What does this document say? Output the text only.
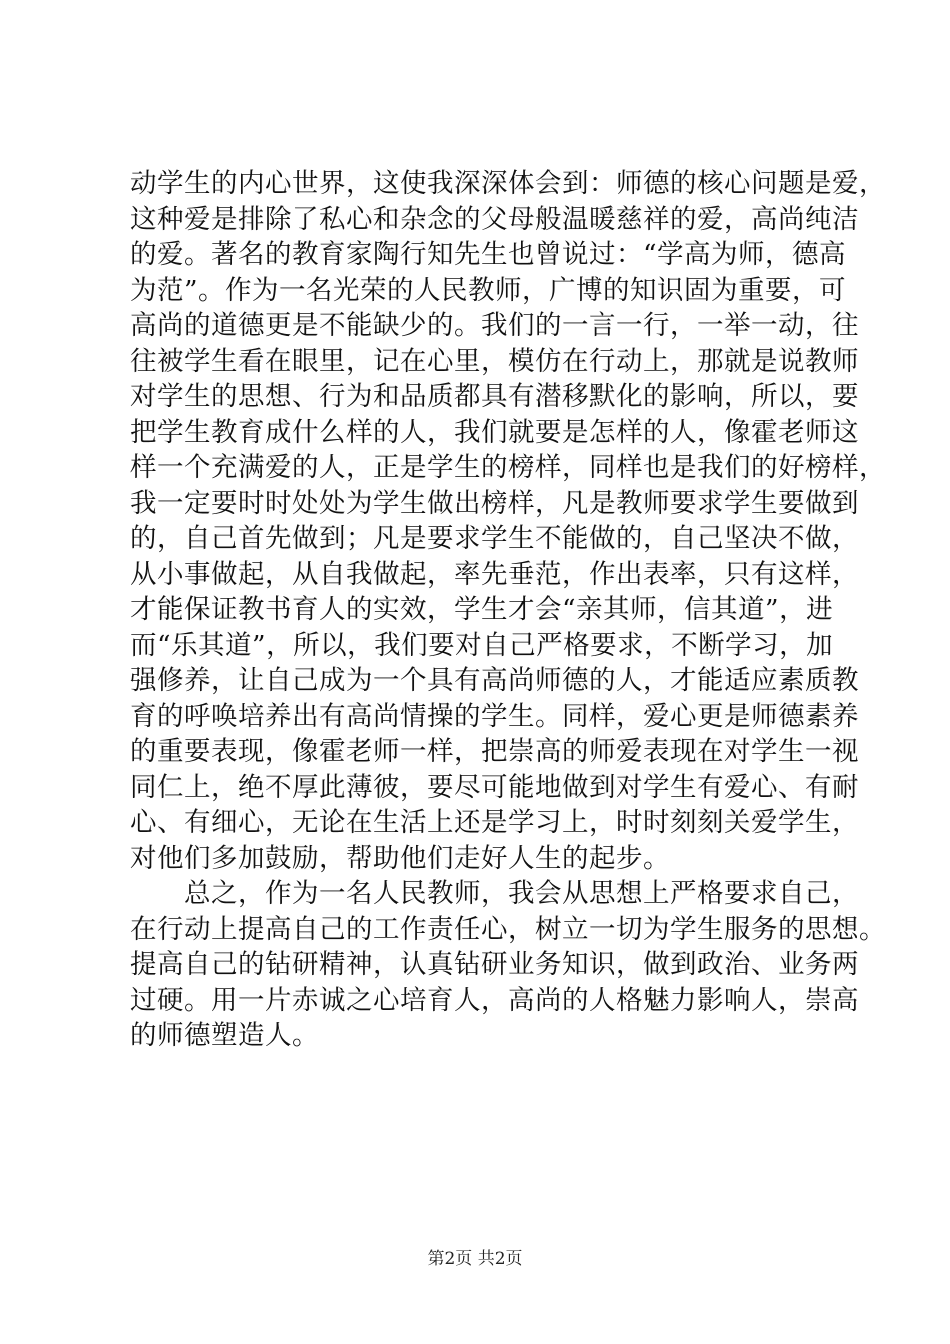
动学生的内心世界，这使我深深体会到：师德的核心问题是爱，
这种爱是排除了私心和杂念的父母般温暖慈祥的爱，高尚纯洁
的爱。著名的教育家陶行知先生也曾说过：“学高为师，德高
为范”。作为一名光荣的人民教师，广博的知识固为重要，可
高尚的道德更是不能缺少的。我们的一言一行，一举一动，往
往被学生看在眼里，记在心里，模仿在行动上，那就是说教师
对学生的思想、行为和品质都具有潜移默化的影响，所以，要
把学生教育成什么样的人，我们就要是怎样的人，像霍老师这
样一个充满爱的人，正是学生的榜样，同样也是我们的好榜样，
我一定要时时处处为学生做出榜样，凡是教师要求学生要做到
的，自己首先做到；凡是要求学生不能做的，自己坚决不做，
从小事做起，从自我做起，率先垂范，作出表率，只有这样，
才能保证教书育人的实效，学生才会“亲其师，信其道”，进
而“乐其道”，所以，我们要对自己严格要求，不断学习，加
强修养，让自己成为一个具有高尚师德的人，才能适应素质教
育的呼唤培养出有高尚情操的学生。同样，爱心更是师德素养
的重要表现，像霍老师一样，把崇高的师爱表现在对学生一视
同仁上，绝不厚此薄彼，要尽可能地做到对学生有爱心、有耐
心、有细心，无论在生活上还是学习上，时时刻刻关爱学生，
对他们多加鼓励，帮助他们走好人生的起步。
　　总之，作为一名人民教师，我会从思想上严格要求自己，
在行动上提高自己的工作责任心，树立一切为学生服务的思想。
提高自己的钻研精神，认真钻研业务知识，做到政治、业务两
过硬。用一片赤诚之心培育人，高尚的人格魅力影响人，崇高
的师德塑造人。
第2页 共2页
